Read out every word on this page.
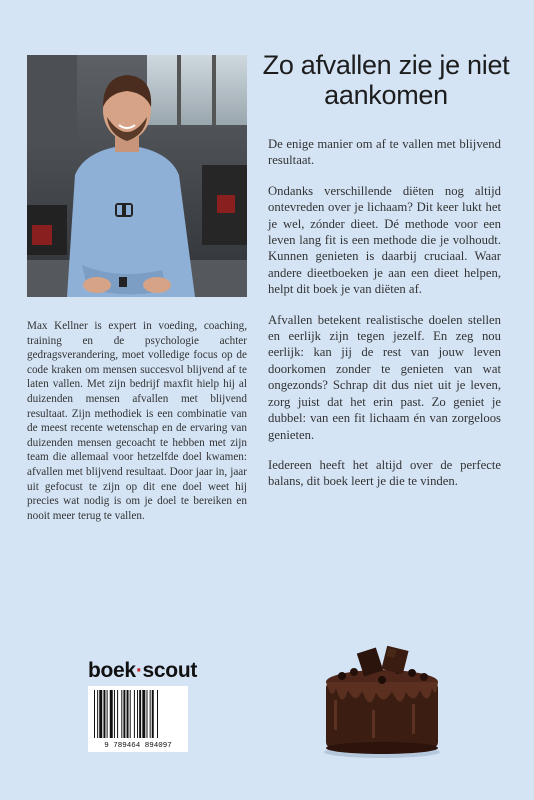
Max Kellner is expert in voeding, coaching, training en de psychologie achter gedragsverandering, moet volledige focus op de code kraken om mensen succesvol blijvend af te laten vallen. Met zijn bedrijf maxfit hielp hij al duizenden mensen afvallen met blijvend resultaat. Zijn methodiek is een combinatie van de meest recente wetenschap en de ervaring van duizenden mensen gecoacht te hebben met zijn team die allemaal voor hetzelfde doel kwamen: afvallen met blijvend resultaat. Door jaar in, jaar uit gefocust te zijn op dit ene doel weet hij precies wat nodig is om je doel te bereiken en nooit meer terug te vallen.

Zo afvallen zie je niet aankomen

De enige manier om af te vallen met blijvend resultaat.

Ondanks verschillende diëten nog altijd ontevreden over je lichaam? Dit keer lukt het je wel, zónder dieet. Dé methode voor een leven lang fit is een methode die je volhoudt. Kunnen genieten is daarbij cruciaal. Waar andere dieetboeken je aan een dieet helpen, helpt dit boek je van diëten af.

Afvallen betekent realistische doelen stellen en eerlijk zijn tegen jezelf. En zeg nou eerlijk: kan jij de rest van jouw leven doorkomen zonder te genieten van wat ongezonds? Schrap dit dus niet uit je leven, zorg juist dat het erin past. Zo geniet je dubbel: van een fit lichaam én van zorgeloos genieten.

Iedereen heeft het altijd over de perfecte balans, dit boek leert je die te vinden.

boek·scout
9 789464 894097
